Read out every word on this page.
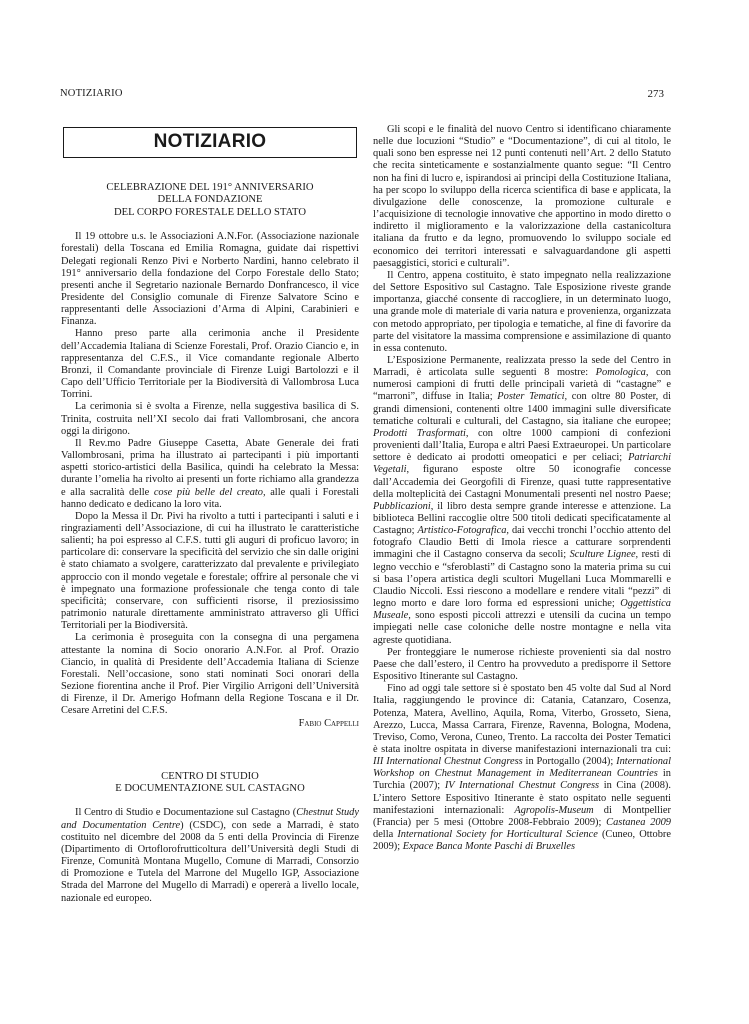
NOTIZIARIO	273
NOTIZIARIO
CELEBRAZIONE DEL 191° ANNIVERSARIO
DELLA FONDAZIONE
DEL CORPO FORESTALE DELLO STATO

Il 19 ottobre u.s. le Associazioni A.N.For. (Associazione nazionale forestali) della Toscana ed Emilia Romagna, guidate dai rispettivi Delegati regionali Renzo Pivi e Norberto Nardini, hanno celebrato il 191° anniversario della fondazione del Corpo Forestale dello Stato; presenti anche il Segretario nazionale Bernardo Donfrancesco, il vice Presidente del Consiglio comunale di Firenze Salvatore Scino e rappresentanti delle Associazioni d’Arma di Alpini, Carabinieri e Finanza.

Hanno preso parte alla cerimonia anche il Presidente dell’Accademia Italiana di Scienze Forestali, Prof. Orazio Ciancio e, in rappresentanza del C.F.S., il Vice comandante regionale Alberto Bronzi, il Comandante provinciale di Firenze Luigi Bartolozzi e il Capo dell’Ufficio Territoriale per la Biodiversità di Vallombrosa Luca Torrini.

La cerimonia si è svolta a Firenze, nella suggestiva basilica di S. Trinita, costruita nell’XI secolo dai frati Vallombrosani, che ancora oggi la dirigono.

Il Rev.mo Padre Giuseppe Casetta, Abate Generale dei frati Vallombrosani, prima ha illustrato ai partecipanti i più importanti aspetti storico-artistici della Basilica, quindi ha celebrato la Messa: durante l’omelia ha rivolto ai presenti un forte richiamo alla grandezza e alla sacralità delle cose più belle del creato, alle quali i Forestali hanno dedicato e dedicano la loro vita.

Dopo la Messa il Dr. Pivi ha rivolto a tutti i partecipanti i saluti e i ringraziamenti dell’Associazione, di cui ha illustrato le caratteristiche salienti; ha poi espresso al C.F.S. tutti gli auguri di proficuo lavoro; in particolare di: conservare la specificità del servizio che sin dalle origini è stato chiamato a svolgere, caratterizzato dal prevalente e privilegiato approccio con il mondo vegetale e forestale; offrire al personale che vi è impegnato una formazione professionale che tenga conto di tale specificità; conservare, con sufficienti risorse, il preziosissimo patrimonio naturale direttamente amministrato attraverso gli Uffici Territoriali per la Biodiversità.

La cerimonia è proseguita con la consegna di una pergamena attestante la nomina di Socio onorario A.N.For. al Prof. Orazio Ciancio, in qualità di Presidente dell’Accademia Italiana di Scienze Forestali. Nell’occasione, sono stati nominati Soci onorari della Sezione fiorentina anche il Prof. Pier Virgilio Arrigoni dell’Università di Firenze, il Dr. Amerigo Hofmann della Regione Toscana e il Dr. Cesare Arretini del C.F.S.

Fabio Cappelli
CENTRO DI STUDIO
E DOCUMENTAZIONE SUL CASTAGNO

Il Centro di Studio e Documentazione sul Castagno (Chestnut Study and Documentation Centre) (CSDC), con sede a Marradi, è stato costituito nel dicembre del 2008 da 5 enti della Provincia di Firenze (Dipartimento di Ortoflorofrutticoltura dell’Università degli Studi di Firenze, Comunità Montana Mugello, Comune di Marradi, Consorzio di Promozione e Tutela del Marrone del Mugello IGP, Associazione Strada del Marrone del Mugello di Marradi) e opererà a livello locale, nazionale ed europeo.

Gli scopi e le finalità del nuovo Centro si identificano chiaramente nelle due locuzioni “Studio” e “Documentazione”, di cui al titolo, le quali sono ben espresse nei 12 punti contenuti nell’Art. 2 dello Statuto che recita sinteticamente e sostanzialmente quanto segue: “Il Centro non ha fini di lucro e, ispirandosi ai principi della Costituzione Italiana, ha per scopo lo sviluppo della ricerca scientifica di base e applicata, la divulgazione delle conoscenze, la promozione culturale e l’acquisizione di tecnologie innovative che apportino in modo diretto o indiretto il miglioramento e la valorizzazione della castanicoltura italiana da frutto e da legno, promuovendo lo sviluppo sociale ed economico dei territori interessati e salvaguardandone gli aspetti paesaggistici, storici e culturali”.

Il Centro, appena costituito, è stato impegnato nella realizzazione del Settore Espositivo sul Castagno. Tale Esposizione riveste grande importanza, giacché consente di raccogliere, in un determinato luogo, una grande mole di materiale di varia natura e provenienza, organizzata con metodo appropriato, per tipologia e tematiche, al fine di favorire da parte del visitatore la massima comprensione e assimilazione di quanto in essa contenuto.

L’Esposizione Permanente, realizzata presso la sede del Centro in Marradi, è articolata sulle seguenti 8 mostre: Pomologica, con numerosi campioni di frutti delle principali varietà di “castagne” e “marroni”, diffuse in Italia; Poster Tematici, con oltre 80 Poster, di grandi dimensioni, contenenti oltre 1400 immagini sulle diversificate tematiche colturali e culturali, del Castagno, sia italiane che europee; Prodotti Trasformati, con oltre 1000 campioni di confezioni provenienti dall’Italia, Europa e altri Paesi Extraeuropei. Un particolare settore è dedicato ai prodotti omeopatici e per celiaci; Patriarchi Vegetali, figurano esposte oltre 50 iconografie concesse dall’Accademia dei Georgofili di Firenze, quasi tutte rappresentative della molteplicità dei Castagni Monumentali presenti nel nostro Paese; Pubblicazioni, il libro desta sempre grande interesse e attenzione. La biblioteca Bellini raccoglie oltre 500 titoli dedicati specificatamente al Castagno; Artistico-Fotografica, dai vecchi tronchi l’occhio attento del fotografo Claudio Betti di Imola riesce a catturare sorprendenti immagini che il Castagno conserva da secoli; Sculture Lignee, resti di legno vecchio e “sferoblasti” di Castagno sono la materia prima su cui si basa l’opera artistica degli scultori Mugellani Luca Mommarelli e Claudio Niccoli. Essi riescono a modellare e rendere vitali “pezzi” di legno morto e dare loro forma ed espressioni uniche; Oggettistica Museale, sono esposti piccoli attrezzi e utensili da cucina un tempo impiegati nelle case coloniche delle nostre montagne e nella vita agreste quotidiana.

Per fronteggiare le numerose richieste provenienti sia dal nostro Paese che dall’estero, il Centro ha provveduto a predisporre il Settore Espositivo Itinerante sul Castagno.

Fino ad oggi tale settore si è spostato ben 45 volte dal Sud al Nord Italia, raggiungendo le province di: Catania, Catanzaro, Cosenza, Potenza, Matera, Avellino, Aquila, Roma, Viterbo, Grosseto, Siena, Arezzo, Lucca, Massa Carrara, Firenze, Ravenna, Bologna, Modena, Treviso, Como, Verona, Cuneo, Trento. La raccolta dei Poster Tematici è stata inoltre ospitata in diverse manifestazioni internazionali tra cui: III International Chestnut Congress in Portogallo (2004); International Workshop on Chestnut Management in Mediterranean Countries in Turchia (2007); IV International Chestnut Congress in Cina (2008). L’intero Settore Espositivo Itinerante è stato ospitato nelle seguenti manifestazioni internazionali: Agropolis-Museum di Montpellier (Francia) per 5 mesi (Ottobre 2008-Febbraio 2009); Castanea 2009 della International Society for Horticultural Science (Cuneo, Ottobre 2009); Expace Banca Monte Paschi di Bruxelles
